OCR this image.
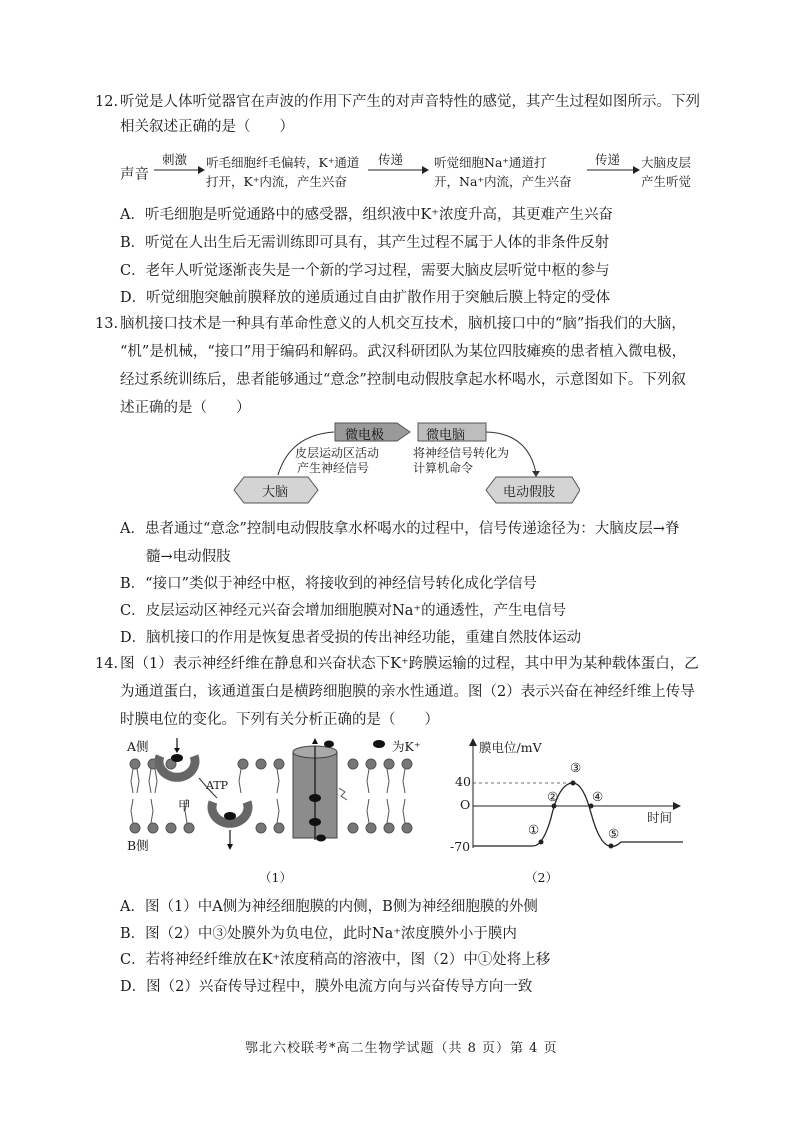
12. 听觉是人体听觉器官在声波的作用下产生的对声音特性的感觉，其产生过程如图所示。下列
相关叙述正确的是（　　）
声音
刺激 听毛细胞纤毛偏转，K⁺通道
打开，K⁺内流，产生兴奋
传递 听觉细胞Na⁺通道打
开，Na⁺内流，产生兴奋
传递 大脑皮层
产生听觉
A．听毛细胞是听觉通路中的感受器，组织液中K⁺浓度升高，其更难产生兴奋
B．听觉在人出生后无需训练即可具有，其产生过程不属于人体的非条件反射
C．老年人听觉逐渐丧失是一个新的学习过程，需要大脑皮层听觉中枢的参与
D．听觉细胞突触前膜释放的递质通过自由扩散作用于突触后膜上特定的受体
13. 脑机接口技术是一种具有革命性意义的人机交互技术，脑机接口中的“脑”指我们的大脑，
“机”是机械，“接口”用于编码和解码。武汉科研团队为某位四肢瘫痪的患者植入微电极，
经过系统训练后，患者能够通过“意念”控制电动假肢拿起水杯喝水，示意图如下。下列叙
述正确的是（　　）
微电极	微电脑
大脑	电动假肢
皮层运动区活动
产生神经信号
将神经信号转化为
计算机命令
A．患者通过“意念”控制电动假肢拿水杯喝水的过程中，信号传递途径为：大脑皮层→脊
髓→电动假肢
B．“接口”类似于神经中枢，将接收到的神经信号转化成化学信号
C．皮层运动区神经元兴奋会增加细胞膜对Na⁺的通透性，产生电信号
D．脑机接口的作用是恢复患者受损的传出神经功能，重建自然肢体运动
14. 图（1）表示神经纤维在静息和兴奋状态下K⁺跨膜运输的过程，其中甲为某种载体蛋白，乙
为通道蛋白，该通道蛋白是横跨细胞膜的亲水性通道。图（2）表示兴奋在神经纤维上传导
时膜电位的变化。下列有关分析正确的是（　　）
A侧
B侧
为K⁺
ATP
甲
（1）
膜电位/mV
时间
40
O
-70
①
②
③
④
⑤
（2）
A．图（1）中A侧为神经细胞膜的内侧，B侧为神经细胞膜的外侧
B．图（2）中③处膜外为负电位，此时Na⁺浓度膜外小于膜内
C．若将神经纤维放在K⁺浓度稍高的溶液中，图（2）中①处将上移
D．图（2）兴奋传导过程中，膜外电流方向与兴奋传导方向一致
鄂北六校联考*高二生物学试题（共 8 页）第 4 页
